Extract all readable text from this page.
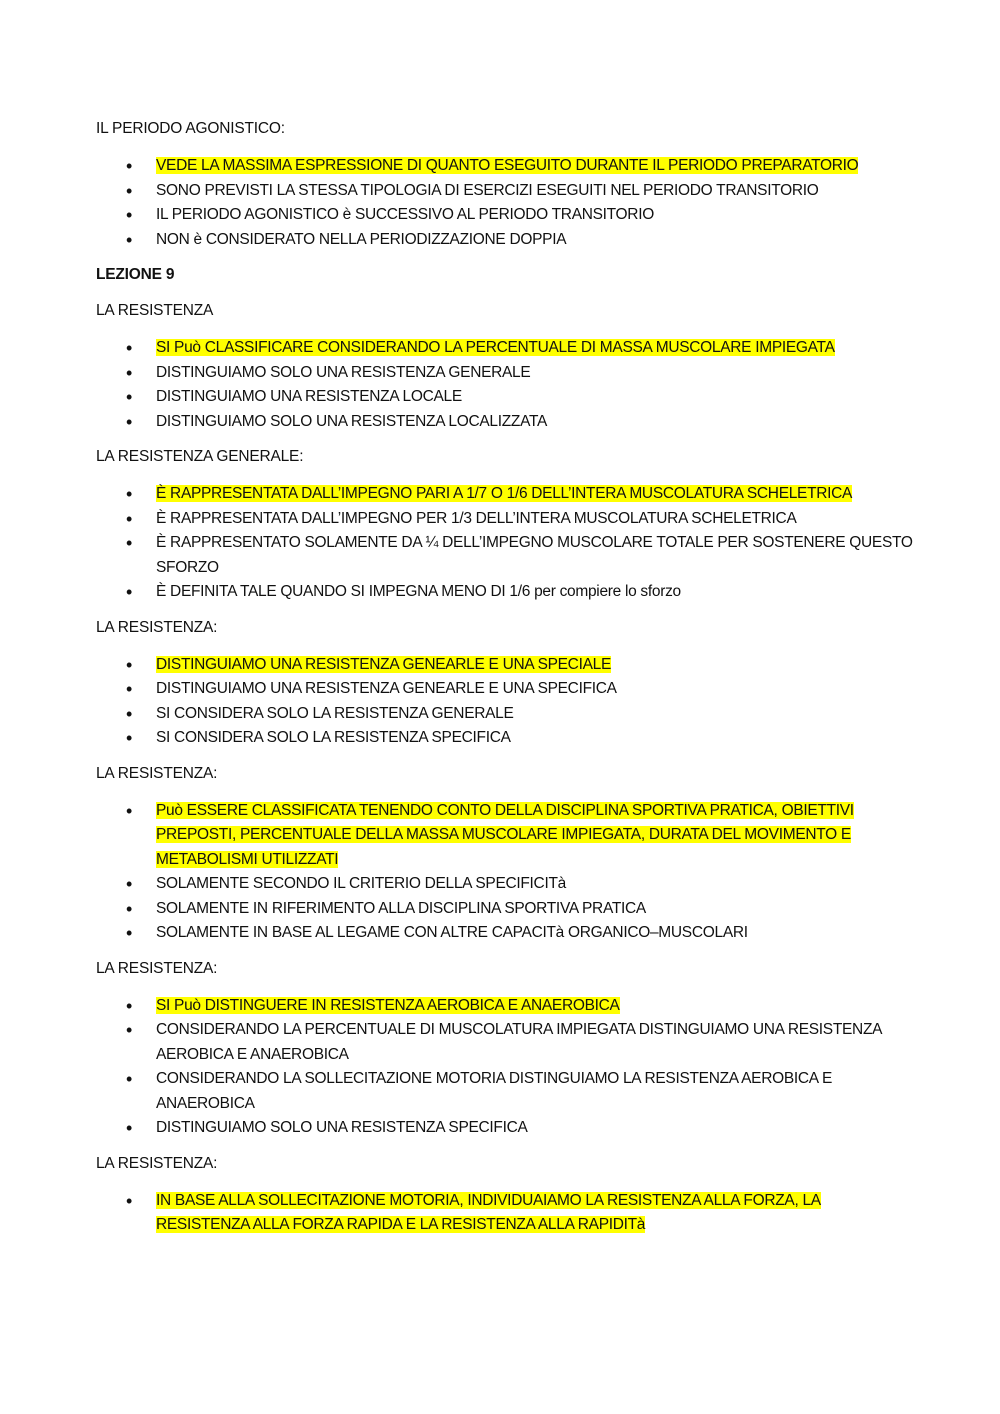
IL PERIODO AGONISTICO:
• VEDE LA MASSIMA ESPRESSIONE DI QUANTO ESEGUITO DURANTE IL PERIODO PREPARATORIO
• SONO PREVISTI LA STESSA TIPOLOGIA DI ESERCIZI ESEGUITI NEL PERIODO TRANSITORIO
• IL PERIODO AGONISTICO è SUCCESSIVO AL PERIODO TRANSITORIO
• NON è CONSIDERATO NELLA PERIODIZZAZIONE DOPPIA
LEZIONE 9
LA RESISTENZA
• SI Può CLASSIFICARE CONSIDERANDO LA PERCENTUALE DI MASSA MUSCOLARE IMPIEGATA
• DISTINGUIAMO SOLO UNA RESISTENZA GENERALE
• DISTINGUIAMO UNA RESISTENZA LOCALE
• DISTINGUIAMO SOLO UNA RESISTENZA LOCALIZZATA
LA RESISTENZA GENERALE:
• È RAPPRESENTATA DALL’IMPEGNO PARI A 1/7 O 1/6 DELL’INTERA MUSCOLATURA SCHELETRICA
• È RAPPRESENTATA DALL’IMPEGNO PER 1/3 DELL’INTERA MUSCOLATURA SCHELETRICA
• È RAPPRESENTATO SOLAMENTE DA ¼ DELL’IMPEGNO MUSCOLARE TOTALE PER SOSTENERE QUESTO SFORZO
• È DEFINITA TALE QUANDO SI IMPEGNA MENO DI 1/6 per compiere lo sforzo
LA RESISTENZA:
• DISTINGUIAMO UNA RESISTENZA GENEARLE E UNA SPECIALE
• DISTINGUIAMO UNA RESISTENZA GENEARLE E UNA SPECIFICA
• SI CONSIDERA SOLO LA RESISTENZA GENERALE
• SI CONSIDERA SOLO LA RESISTENZA SPECIFICA
LA RESISTENZA:
• Può ESSERE CLASSIFICATA TENENDO CONTO DELLA DISCIPLINA SPORTIVA PRATICA, OBIETTIVI PREPOSTI, PERCENTUALE DELLA MASSA MUSCOLARE IMPIEGATA, DURATA DEL MOVIMENTO E METABOLISMI UTILIZZATI
• SOLAMENTE SECONDO IL CRITERIO DELLA SPECIFICITà
• SOLAMENTE IN RIFERIMENTO ALLA DISCIPLINA SPORTIVA PRATICA
• SOLAMENTE IN BASE AL LEGAME CON ALTRE CAPACITà ORGANICO–MUSCOLARI
LA RESISTENZA:
• SI Può DISTINGUERE IN RESISTENZA AEROBICA E ANAEROBICA
• CONSIDERANDO LA PERCENTUALE DI MUSCOLATURA IMPIEGATA DISTINGUIAMO UNA RESISTENZA AEROBICA E ANAEROBICA
• CONSIDERANDO LA SOLLECITAZIONE MOTORIA DISTINGUIAMO LA RESISTENZA AEROBICA E ANAEROBICA
• DISTINGUIAMO SOLO UNA RESISTENZA SPECIFICA
LA RESISTENZA:
• IN BASE ALLA SOLLECITAZIONE MOTORIA, INDIVIDUAIAMO LA RESISTENZA ALLA FORZA, LA RESISTENZA ALLA FORZA RAPIDA E LA RESISTENZA ALLA RAPIDITà
